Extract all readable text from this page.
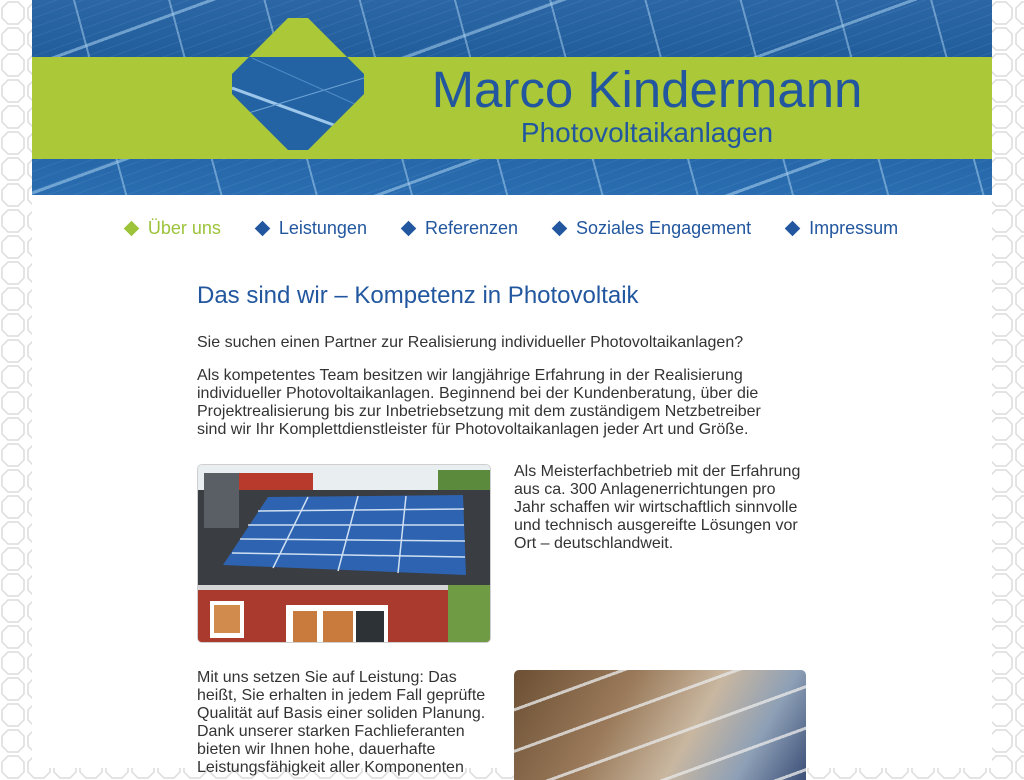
Marco Kindermann
Photovoltaikanlagen
Über uns	Leistungen	Referenzen	Soziales Engagement	Impressum
Das sind wir – Kompetenz in Photovoltaik

Sie suchen einen Partner zur Realisierung individueller Photovoltaikanlagen?

Als kompetentes Team besitzen wir langjährige Erfahrung in der Realisierung individueller Photovoltaikanlagen. Beginnend bei der Kundenberatung, über die Projektrealisierung bis zur Inbetriebsetzung mit dem zuständigem Netzbetreiber sind wir Ihr Komplettdienstleister für Photovoltaikanlagen jeder Art und Größe.

Als Meisterfachbetrieb mit der Erfahrung aus ca. 300 Anlagenerrichtungen pro Jahr schaffen wir wirtschaftlich sinnvolle und technisch ausgereifte Lösungen vor Ort – deutschlandweit.

Mit uns setzen Sie auf Leistung: Das heißt, Sie erhalten in jedem Fall geprüfte Qualität auf Basis einer soliden Planung. Dank unserer starken Fachlieferanten bieten wir Ihnen hohe, dauerhafte Leistungsfähigkeit aller Komponenten
